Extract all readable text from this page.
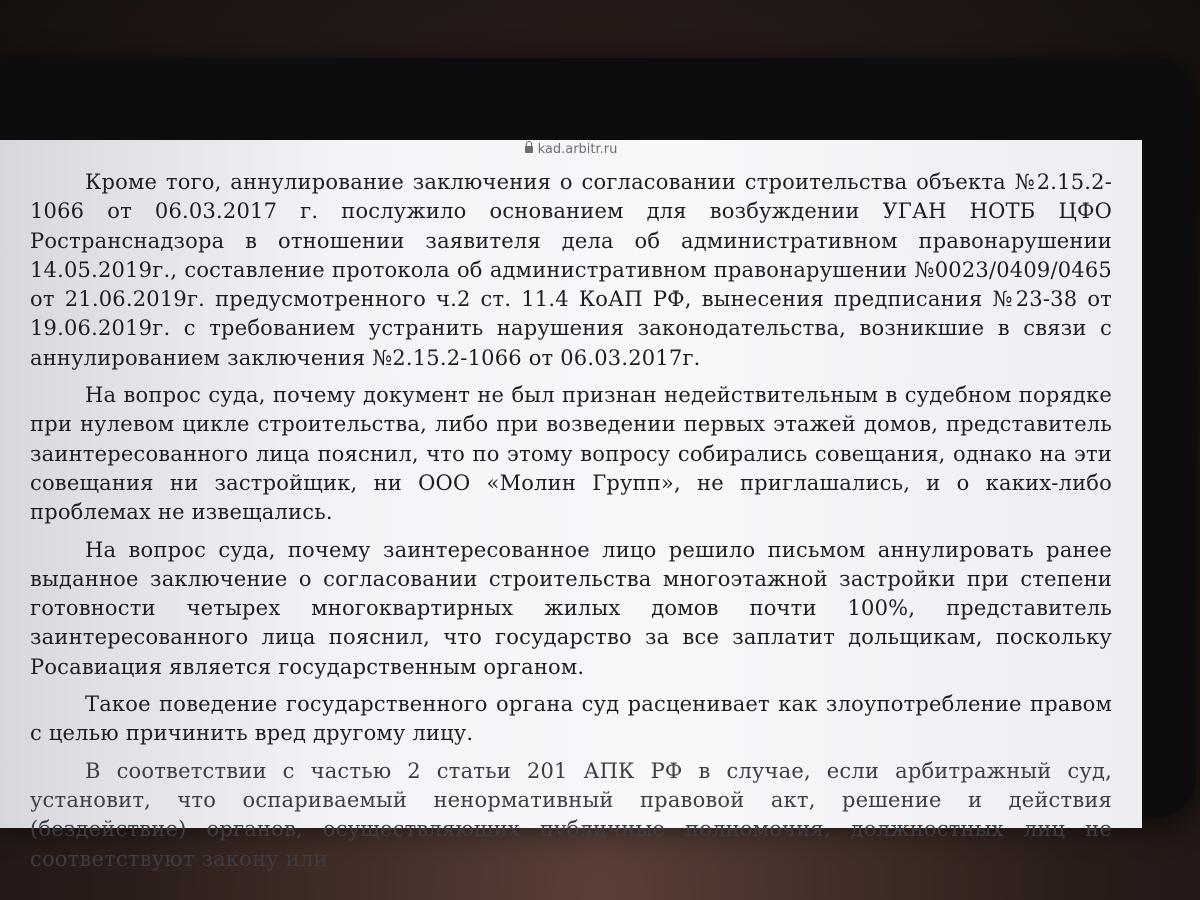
kad.arbitr.ru

Кроме того, аннулирование заключения о согласовании строительства объекта №2.15.2-1066 от 06.03.2017 г. послужило основанием для возбуждении УГАН НОТБ ЦФО Ространснадзора в отношении заявителя дела об административном правонарушении 14.05.2019г., составление протокола об административном правонарушении №0023/0409/0465 от 21.06.2019г. предусмотренного ч.2 ст. 11.4 КоАП РФ, вынесения предписания №23-38 от 19.06.2019г. с требованием устранить нарушения законодательства, возникшие в связи с аннулированием заключения №2.15.2-1066 от 06.03.2017г.

На вопрос суда, почему документ не был признан недействительным в судебном порядке при нулевом цикле строительства, либо при возведении первых этажей домов, представитель заинтересованного лица пояснил, что по этому вопросу собирались совещания, однако на эти совещания ни застройщик, ни ООО «Молин Групп», не приглашались, и о каких-либо проблемах не извещались.

На вопрос суда, почему заинтересованное лицо решило письмом аннулировать ранее выданное заключение о согласовании строительства многоэтажной застройки при степени готовности четырех многоквартирных жилых домов почти 100%, представитель заинтересованного лица пояснил, что государство за все заплатит дольщикам, поскольку Росавиация является государственным органом.

Такое поведение государственного органа суд расценивает как злоупотребление правом с целью причинить вред другому лицу.

В соответствии с частью 2 статьи 201 АПК РФ в случае, если арбитражный суд, установит, что оспариваемый ненормативный правовой акт, решение и действия (бездействие) органов, осуществляющих публичные полномочия, должностных лиц не соответствуют закону или
